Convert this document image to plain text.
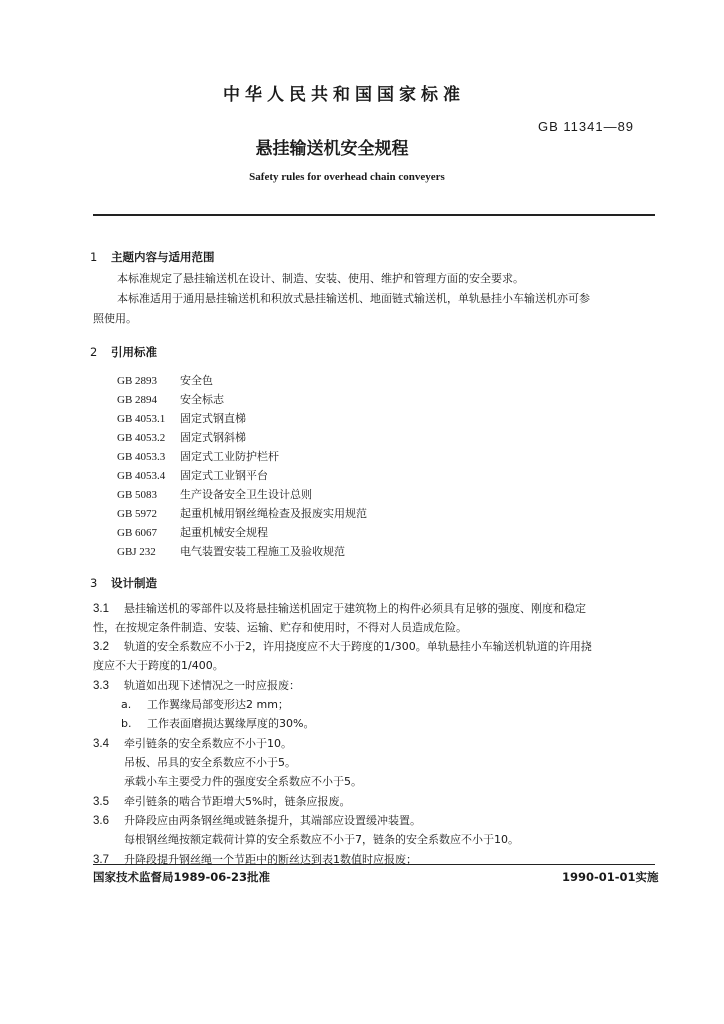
中华人民共和国国家标准
GB 11341—89
悬挂输送机安全规程
Safety rules for overhead chain conveyers
1 主题内容与适用范围
本标准规定了悬挂输送机在设计、制造、安装、使用、维护和管理方面的安全要求。
本标准适用于通用悬挂输送机和积放式悬挂输送机、地面链式输送机，单轨悬挂小车输送机亦可参
照使用。
2 引用标准
GB 2893 安全色
GB 2894 安全标志
GB 4053.1 固定式钢直梯
GB 4053.2 固定式钢斜梯
GB 4053.3 固定式工业防护栏杆
GB 4053.4 固定式工业钢平台
GB 5083 生产设备安全卫生设计总则
GB 5972 起重机械用钢丝绳检查及报废实用规范
GB 6067 起重机械安全规程
GBJ 232 电气装置安装工程施工及验收规范
3 设计制造
3.1 悬挂输送机的零部件以及将悬挂输送机固定于建筑物上的构件必须具有足够的强度、刚度和稳定
性，在按规定条件制造、安装、运输、贮存和使用时，不得对人员造成危险。
3.2 轨道的安全系数应不小于2，许用挠度应不大于跨度的1/300。单轨悬挂小车输送机轨道的许用挠
度应不大于跨度的1/400。
3.3 轨道如出现下述情况之一时应报废：
a. 工作翼缘局部变形达2 mm；
b. 工作表面磨损达翼缘厚度的30%。
3.4 牵引链条的安全系数应不小于10。
吊板、吊具的安全系数应不小于5。
承载小车主要受力件的强度安全系数应不小于5。
3.5 牵引链条的啮合节距增大5%时，链条应报废。
3.6 升降段应由两条钢丝绳或链条提升，其端部应设置缓冲装置。
每根钢丝绳按额定载荷计算的安全系数应不小于7，链条的安全系数应不小于10。
3.7 升降段提升钢丝绳一个节距中的断丝达到表1数值时应报废；
国家技术监督局1989-06-23批准	1990-01-01实施
